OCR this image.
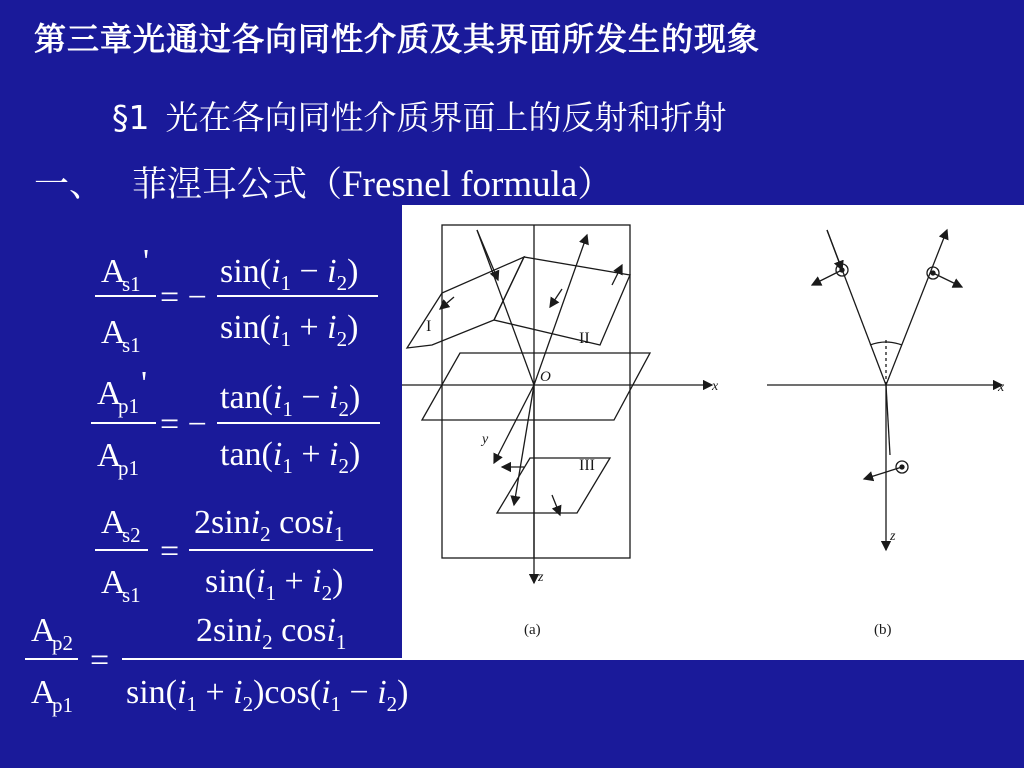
第三章光通过各向同性介质及其界面所发生的现象
§1 光在各向同性介质界面上的反射和折射
一、 菲涅耳公式（Fresnel formula）
A
s1
'
A
s1
= −
$\sin(i_1 - i_2)$
$\sin(i_1 + i_2)$
A
p1
'
A
p1
= −
$\tan(i_1 - i_2)$
$\tan(i_1 + i_2)$
A
s2
A
s1
=
2sini$_2$ cosi$_1$
$\sin(i_1 + i_2)$
A
p2
A
p1
=
2sini$_2$ cosi$_1$
$\sin(i_1 + i_2)\cos(i_1 - i_2)$
I
II
III
O
x
y
z
(a)
x
z
(b)
